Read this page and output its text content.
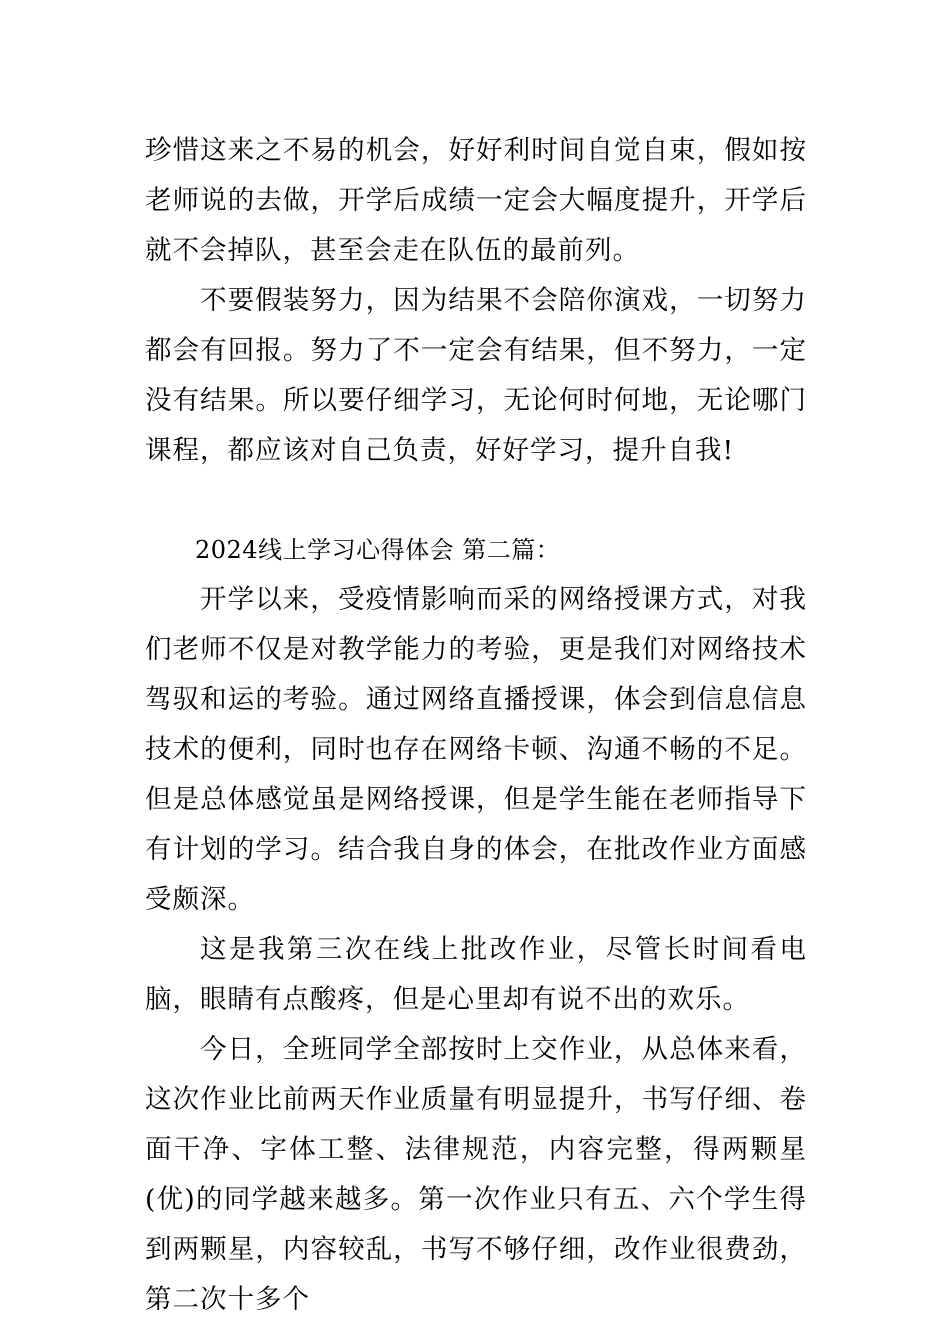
珍惜这来之不易的机会，好好利时间自觉自束，假如按老师说的去做，开学后成绩一定会大幅度提升，开学后就不会掉队，甚至会走在队伍的最前列。

不要假装努力，因为结果不会陪你演戏，一切努力都会有回报。努力了不一定会有结果，但不努力，一定没有结果。所以要仔细学习，无论何时何地，无论哪门课程，都应该对自己负责，好好学习，提升自我!

2024线上学习心得体会 第二篇：

开学以来，受疫情影响而采的网络授课方式，对我们老师不仅是对教学能力的考验，更是我们对网络技术驾驭和运的考验。通过网络直播授课，体会到信息信息技术的便利，同时也存在网络卡顿、沟通不畅的不足。但是总体感觉虽是网络授课，但是学生能在老师指导下有计划的学习。结合我自身的体会，在批改作业方面感受颇深。

这是我第三次在线上批改作业，尽管长时间看电脑，眼睛有点酸疼，但是心里却有说不出的欢乐。

今日，全班同学全部按时上交作业，从总体来看，这次作业比前两天作业质量有明显提升，书写仔细、卷面干净、字体工整、法律规范，内容完整，得两颗星(优)的同学越来越多。第一次作业只有五、六个学生得到两颗星，内容较乱，书写不够仔细，改作业很费劲，第二次十多个
